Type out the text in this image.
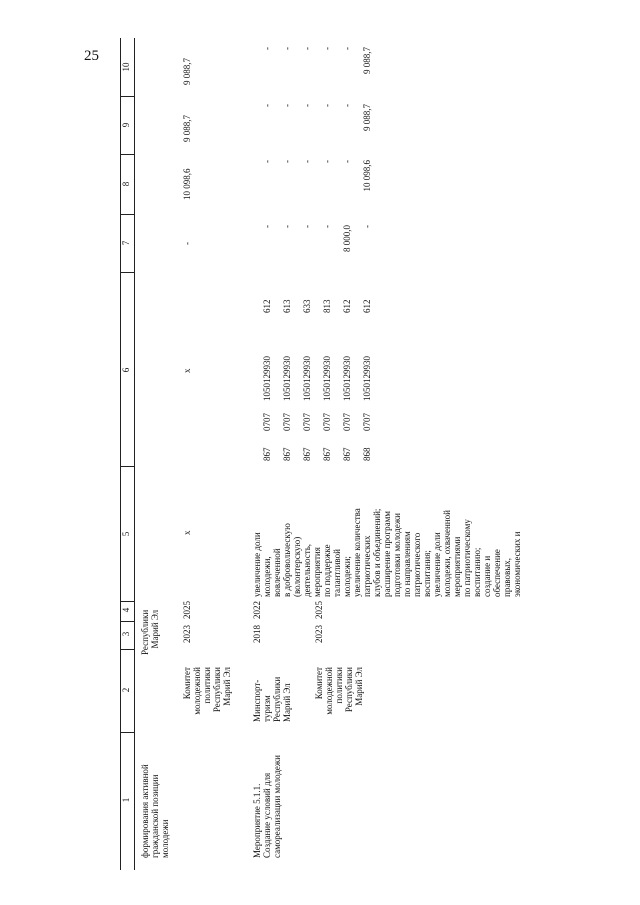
25
1
2
3
4
5
6
7
8
9
10
формирования активной
гражданской позиции
молодежи
Республики
Марий Эл
Комитет
молодежной
политики
Республики
Марий Эл
2023
2025
х
х
-
10 098,6
9 088,7
9 088,7
Мероприятие 5.1.1.
Создание условий для
самореализации молодежи
Минспорт-
туризм
Республики
Марий Эл Комитет
молодежной
политики
Республики
Марий Эл
2018
2022
2023
2025
увеличение доли
молодежи,
вовлеченной
в добровольческую
(волонтерскую)
деятельность,
мероприятия
по поддержке
талантливой
молодежи;
увеличение количества
патриотических
клубов и объединений;
расширение программ
подготовки молодежи
по направлениям
патриотического
воспитания;
увеличение доли
молодежи, охваченной
мероприятиями
по патриотическому
воспитанию;
создание и
обеспечение
правовых,
экономических и

867 867 867 867 867 868

0707 0707 0707 0707 0707 0707

1050129930 1050129930 1050129930 1050129930 1050129930 1050129930

612 613 633 813 612 612

- - - - 8 000,0 -

- - - - - 10 098,6

- - - - - 9 088,7

- - - - - 9 088,7
